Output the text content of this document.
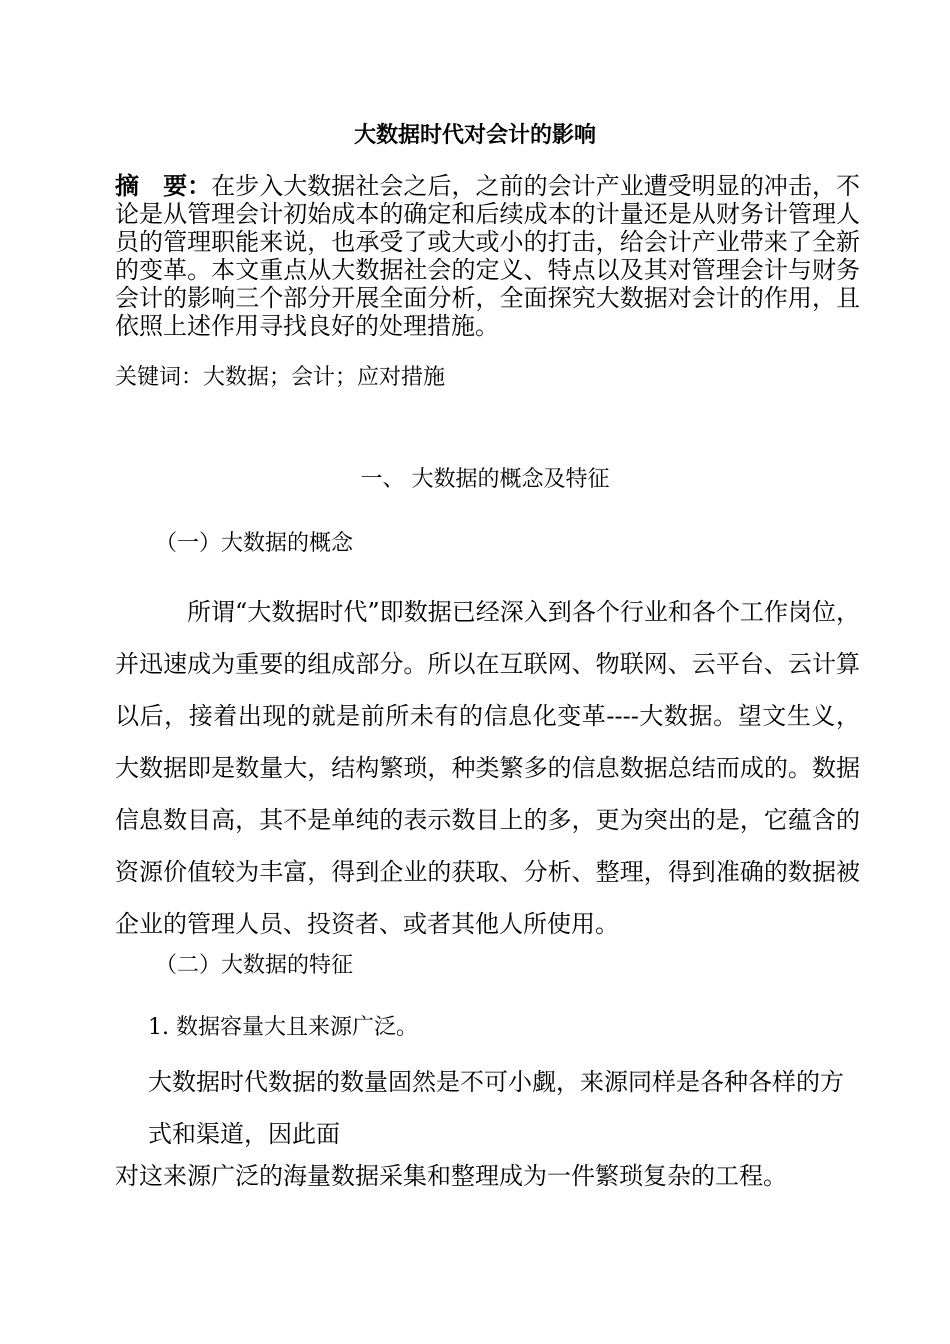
大数据时代对会计的影响
摘　要：在步入大数据社会之后，之前的会计产业遭受明显的冲击，不论是从管理会计初始成本的确定和后续成本的计量还是从财务计管理人员的管理职能来说，也承受了或大或小的打击，给会计产业带来了全新的变革。本文重点从大数据社会的定义、特点以及其对管理会计与财务会计的影响三个部分开展全面分析，全面探究大数据对会计的作用，且依照上述作用寻找良好的处理措施。
关键词：大数据；会计；应对措施
一、 大数据的概念及特征
（一）大数据的概念
所谓“大数据时代”即数据已经深入到各个行业和各个工作岗位，并迅速成为重要的组成部分。所以在互联网、物联网、云平台、云计算以后，接着出现的就是前所未有的信息化变革----大数据。望文生义，大数据即是数量大，结构繁琐，种类繁多的信息数据总结而成的。数据信息数目高，其不是单纯的表示数目上的多，更为突出的是，它蕴含的资源价值较为丰富，得到企业的获取、分析、整理，得到准确的数据被企业的管理人员、投资者、或者其他人所使用。
（二）大数据的特征
1. 数据容量大且来源广泛。
大数据时代数据的数量固然是不可小觑，来源同样是各种各样的方式和渠道，因此面
对这来源广泛的海量数据采集和整理成为一件繁琐复杂的工程。
